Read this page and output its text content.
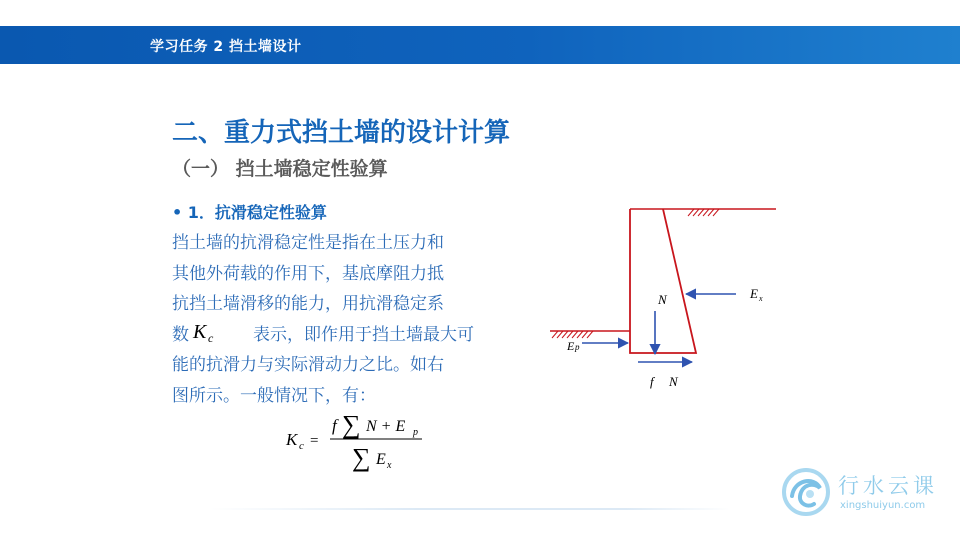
学习任务 2 挡土墙设计
二、重力式挡土墙的设计计算
（一） 挡土墙稳定性验算
• 1．抗滑稳定性验算
挡土墙的抗滑稳定性是指在土压力和
其他外荷载的作用下，基底摩阻力抵
抗挡土墙滑移的能力，用抗滑稳定系
数 K c 表示，即作用于挡土墙最大可
能的抗滑力与实际滑动力之比。如右
图所示。一般情况下，有：
K c =
f ∑ N + E p
∑ E x
N	E x
E p
f N
行水云课
xingshuiyun.com
